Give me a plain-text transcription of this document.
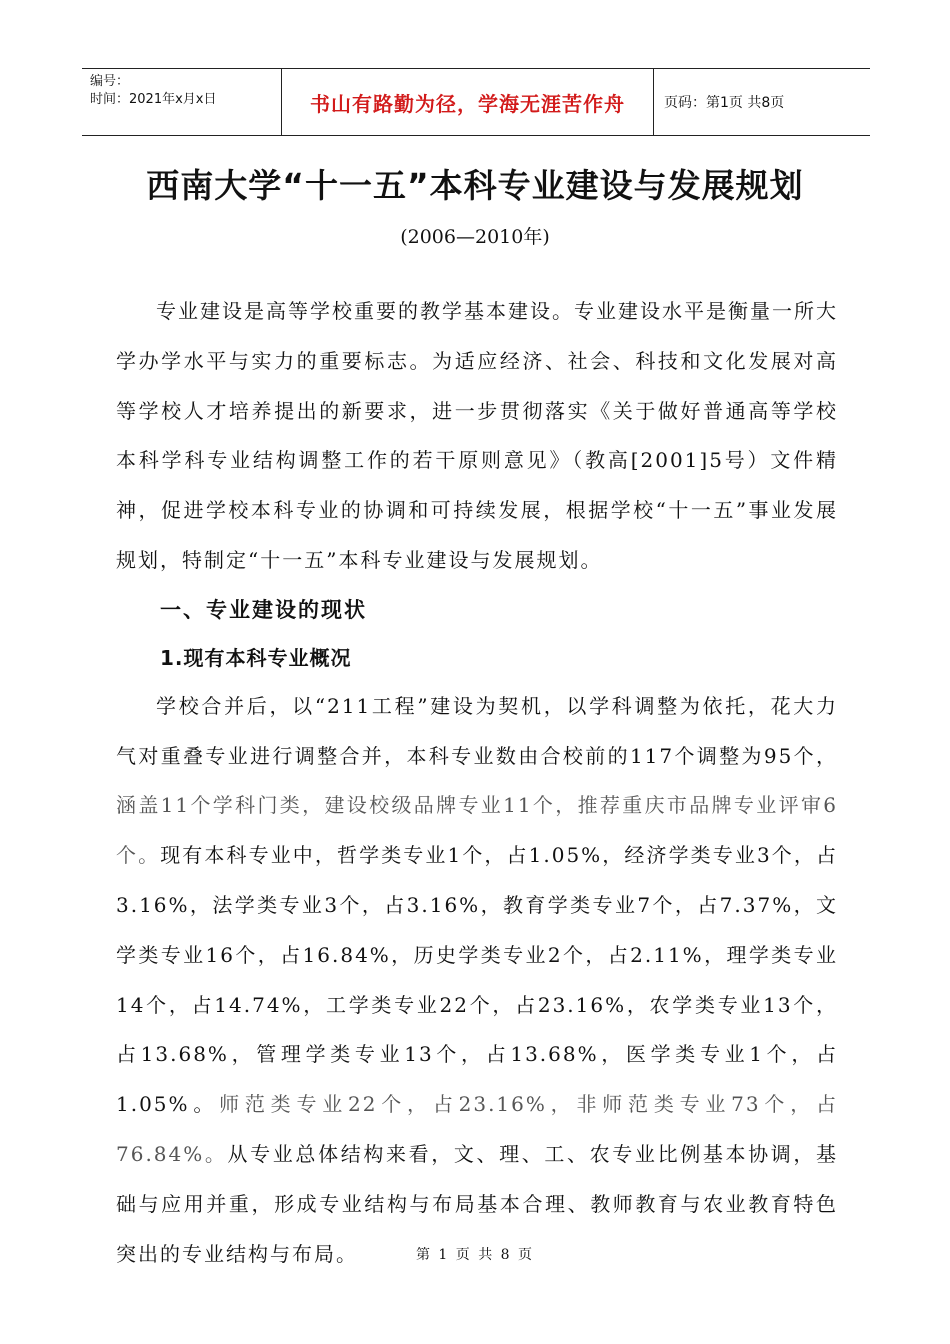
编号：
时间：2021年x月x日	书山有路勤为径，学海无涯苦作舟	页码：第1页 共8页
西南大学“十一五”本科专业建设与发展规划
(2006—2010年)

专业建设是高等学校重要的教学基本建设。专业建设水平是衡量一所大学办学水平与实力的重要标志。为适应经济、社会、科技和文化发展对高等学校人才培养提出的新要求，进一步贯彻落实《关于做好普通高等学校本科学科专业结构调整工作的若干原则意见》（教高[2001]5号）文件精神，促进学校本科专业的协调和可持续发展，根据学校“十一五”事业发展规划，特制定“十一五”本科专业建设与发展规划。

一、专业建设的现状

1.现有本科专业概况

学校合并后，以“211工程”建设为契机，以学科调整为依托，花大力气对重叠专业进行调整合并，本科专业数由合校前的117个调整为95个，涵盖11个学科门类，建设校级品牌专业11个，推荐重庆市品牌专业评审6个。现有本科专业中，哲学类专业1个，占1.05%，经济学类专业3个，占3.16%，法学类专业3个，占3.16%，教育学类专业7个，占7.37%，文学类专业16个，占16.84%，历史学类专业2个，占2.11%，理学类专业14个，占14.74%，工学类专业22个，占23.16%，农学类专业13个，占13.68%，管理学类专业13个，占13.68%，医学类专业1个，占1.05%。师范类专业22个，占23.16%，非师范类专业73个，占76.84%。从专业总体结构来看，文、理、工、农专业比例基本协调，基础与应用并重，形成专业结构与布局基本合理、教师教育与农业教育特色突出的专业结构与布局。	第 1 页 共 8 页
